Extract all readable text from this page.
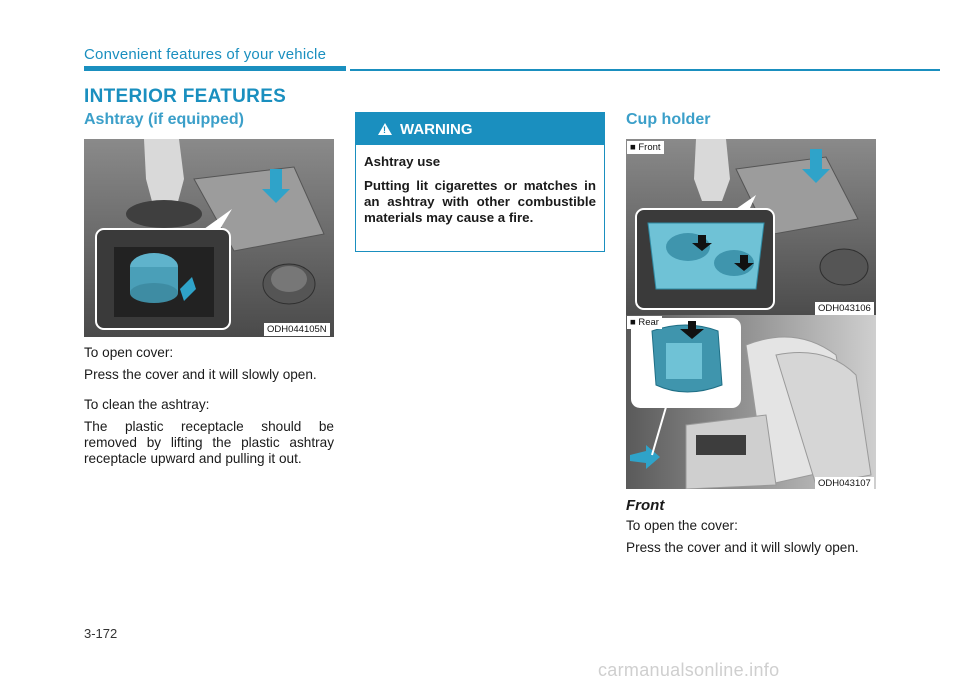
Convenient features of your vehicle
INTERIOR FEATURES
Ashtray (if equipped)
ODH044105N

To open cover:

Press the cover and it will slowly open.

To clean the ashtray:

The plastic receptacle should be removed by lifting the plastic ashtray receptacle upward and pulling it out.

! WARNING

Ashtray use

Putting lit cigarettes or matches in an ashtray with other combustible materials may cause a fire.

Cup holder
■ Front
ODH043106
■ Rear
ODH043107
Front

To open the cover:

Press the cover and it will slowly open.

3-172
carmanualsonline.info
